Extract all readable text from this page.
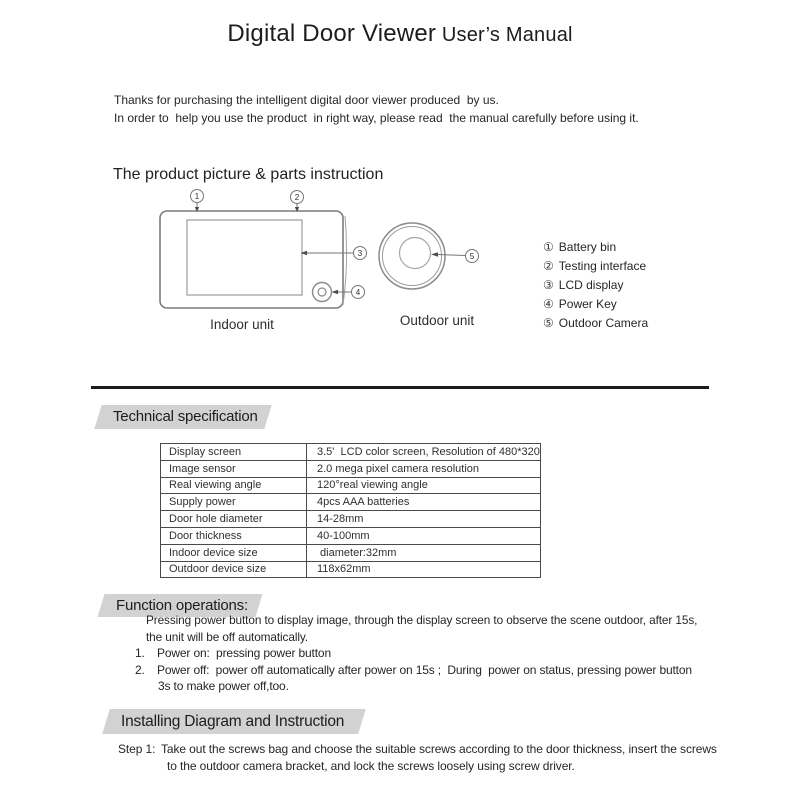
Digital Door Viewer User’s Manual
Thanks for purchasing the intelligent digital door viewer produced  by us.
In order to  help you use the product  in right way, please read  the manual carefully before using it.
The product picture & parts instruction
1	2
3
4
5
Indoor unit	Outdoor unit
① Battery bin
② Testing interface
③ LCD display
④ Power Key
⑤ Outdoor Camera
Technical specification
Display screen	3.5'  LCD color screen, Resolution of 480*320
Image sensor	2.0 mega pixel camera resolution
Real viewing angle	120°real viewing angle
Supply power	4pcs AAA batteries
Door hole diameter	14-28mm
Door thickness	40-100mm
Indoor device size	diameter:32mm
Outdoor device size	118x62mm
Function operations:
Pressing power button to display image, through the display screen to observe the scene outdoor, after 15s,
the unit will be off automatically.
1.	Power on:  pressing power button
2.	Power off:  power off automatically after power on 15s ;  During  power on status, pressing power button
3s to make power off,too.
Installing Diagram and Instruction
Step 1: Take out the screws bag and choose the suitable screws according to the door thickness, insert the screws
to the outdoor camera bracket, and lock the screws loosely using screw driver.
